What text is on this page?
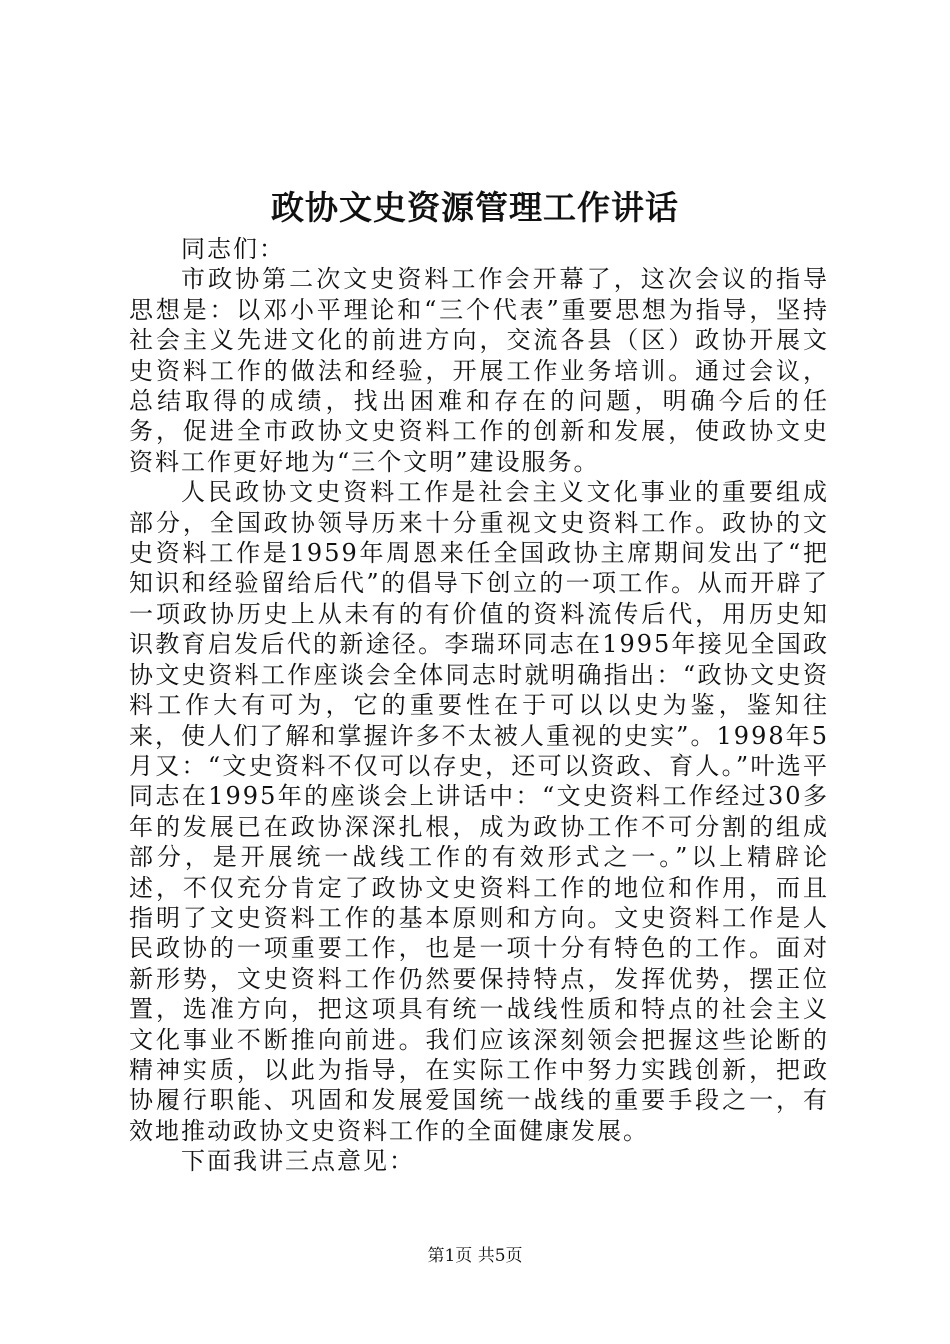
政协文史资源管理工作讲话

同志们：

市政协第二次文史资料工作会开幕了，这次会议的指导思想是：以邓小平理论和“三个代表”重要思想为指导，坚持社会主义先进文化的前进方向，交流各县（区）政协开展文史资料工作的做法和经验，开展工作业务培训。通过会议，总结取得的成绩，找出困难和存在的问题，明确今后的任务，促进全市政协文史资料工作的创新和发展，使政协文史资料工作更好地为“三个文明”建设服务。

人民政协文史资料工作是社会主义文化事业的重要组成部分，全国政协领导历来十分重视文史资料工作。政协的文史资料工作是1959年周恩来任全国政协主席期间发出了“把知识和经验留给后代”的倡导下创立的一项工作。从而开辟了一项政协历史上从未有的有价值的资料流传后代，用历史知识教育启发后代的新途径。李瑞环同志在1995年接见全国政协文史资料工作座谈会全体同志时就明确指出：“政协文史资料工作大有可为，它的重要性在于可以以史为鉴，鉴知往来，使人们了解和掌握许多不太被人重视的史实”。1998年5月又：“文史资料不仅可以存史，还可以资政、育人。”叶选平同志在1995年的座谈会上讲话中：“文史资料工作经过30多年的发展已在政协深深扎根，成为政协工作不可分割的组成部分，是开展统一战线工作的有效形式之一。”以上精辟论述，不仅充分肯定了政协文史资料工作的地位和作用，而且指明了文史资料工作的基本原则和方向。文史资料工作是人民政协的一项重要工作，也是一项十分有特色的工作。面对新形势，文史资料工作仍然要保持特点，发挥优势，摆正位置，选准方向，把这项具有统一战线性质和特点的社会主义文化事业不断推向前进。我们应该深刻领会把握这些论断的精神实质，以此为指导，在实际工作中努力实践创新，把政协履行职能、巩固和发展爱国统一战线的重要手段之一，有效地推动政协文史资料工作的全面健康发展。

下面我讲三点意见：

第1页 共5页
